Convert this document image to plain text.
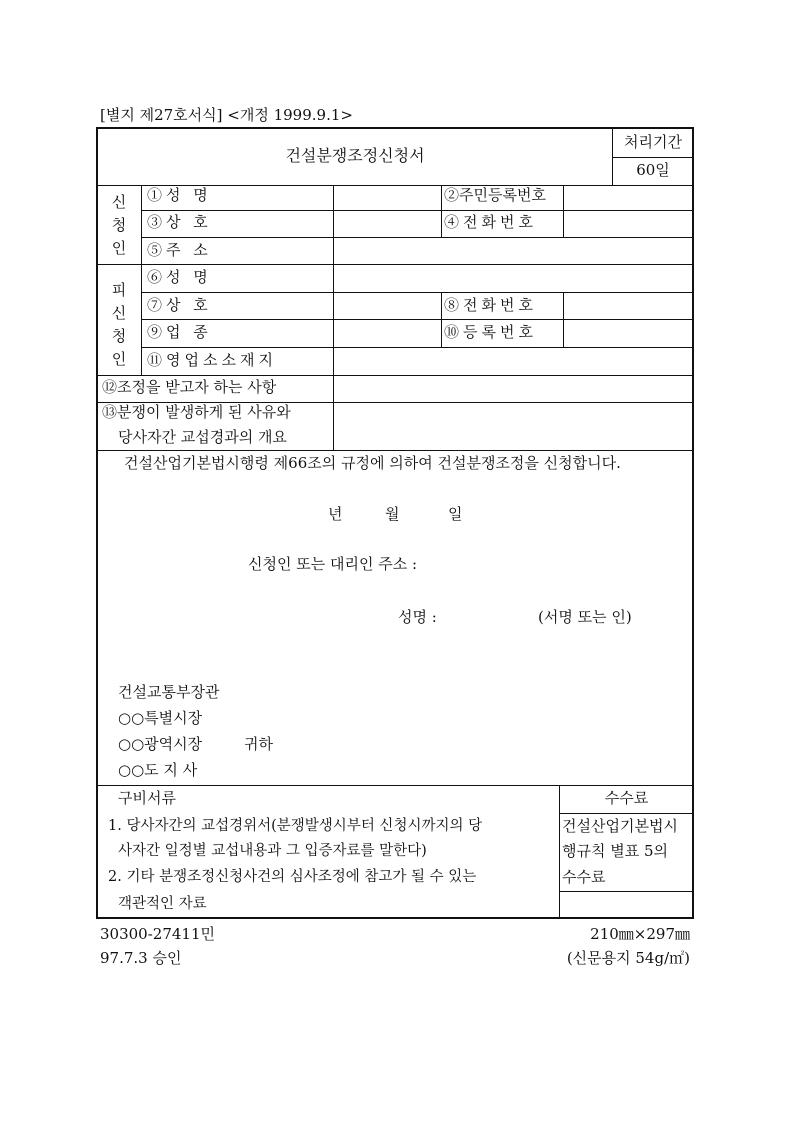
[별지 제27호서식] <개정 1999.9.1>
건설분쟁조정신청서
처리기간
60일
신
청
인
①성 명	②주민등록번호
③상 호	④전화번호
⑤주 소
피
신
청
인
⑥성 명
⑦상 호	⑧전화번호
⑨업 종	⑩등록번호
⑪영업소소재지
⑫조정을 받고자 하는 사항
⑬분쟁이 발생하게 된 사유와
당사자간 교섭경과의 개요
건설산업기본법시행령 제66조의 규정에 의하여 건설분쟁조정을 신청합니다.
년	월	일
신청인 또는 대리인 주소 :
성명 :	(서명 또는 인)
건설교통부장관
○○특별시장
○○광역시장	귀하
○○도 지 사
구비서류
1. 당사자간의 교섭경위서(분쟁발생시부터 신청시까지의 당
사자간 일정별 교섭내용과 그 입증자료를 말한다)
2. 기타 분쟁조정신청사건의 심사조정에 참고가 될 수 있는
객관적인 자료
수수료
건설산업기본법시
행규칙 별표 5의
수수료
30300-27411민
97.7.3 승인
210㎜×297㎜
(신문용지 54g/㎡)
